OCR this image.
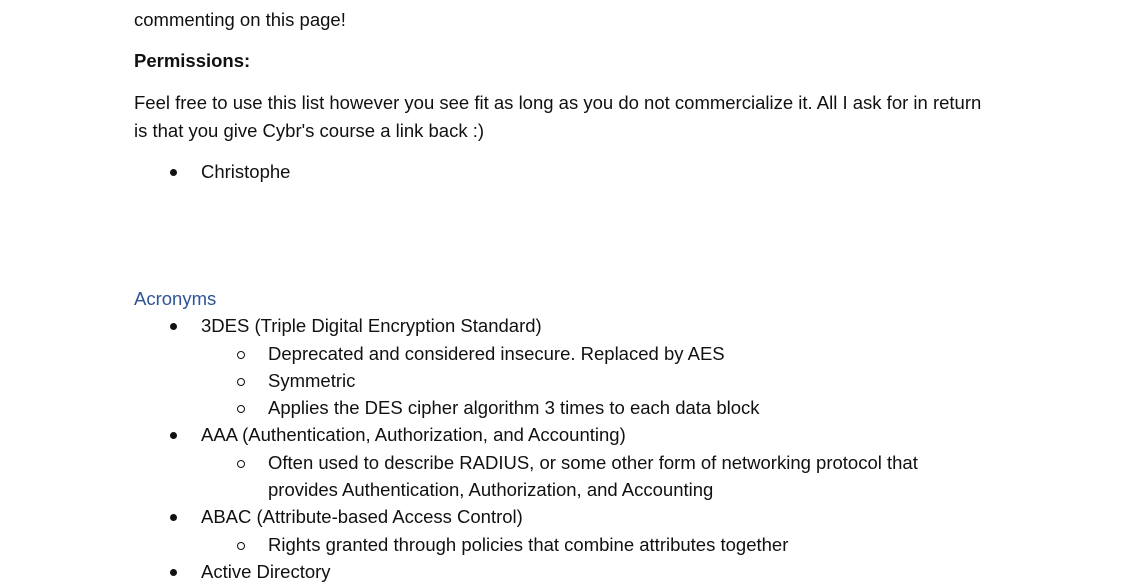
commenting on this page!
Permissions:
Feel free to use this list however you see fit as long as you do not commercialize it. All I ask for in return
is that you give Cybr's course a link back :)
Christophe
Acronyms
3DES (Triple Digital Encryption Standard)
Deprecated and considered insecure. Replaced by AES
Symmetric
Applies the DES cipher algorithm 3 times to each data block
AAA (Authentication, Authorization, and Accounting)
Often used to describe RADIUS, or some other form of networking protocol that
provides Authentication, Authorization, and Accounting
ABAC (Attribute-based Access Control)
Rights granted through policies that combine attributes together
Active Directory
